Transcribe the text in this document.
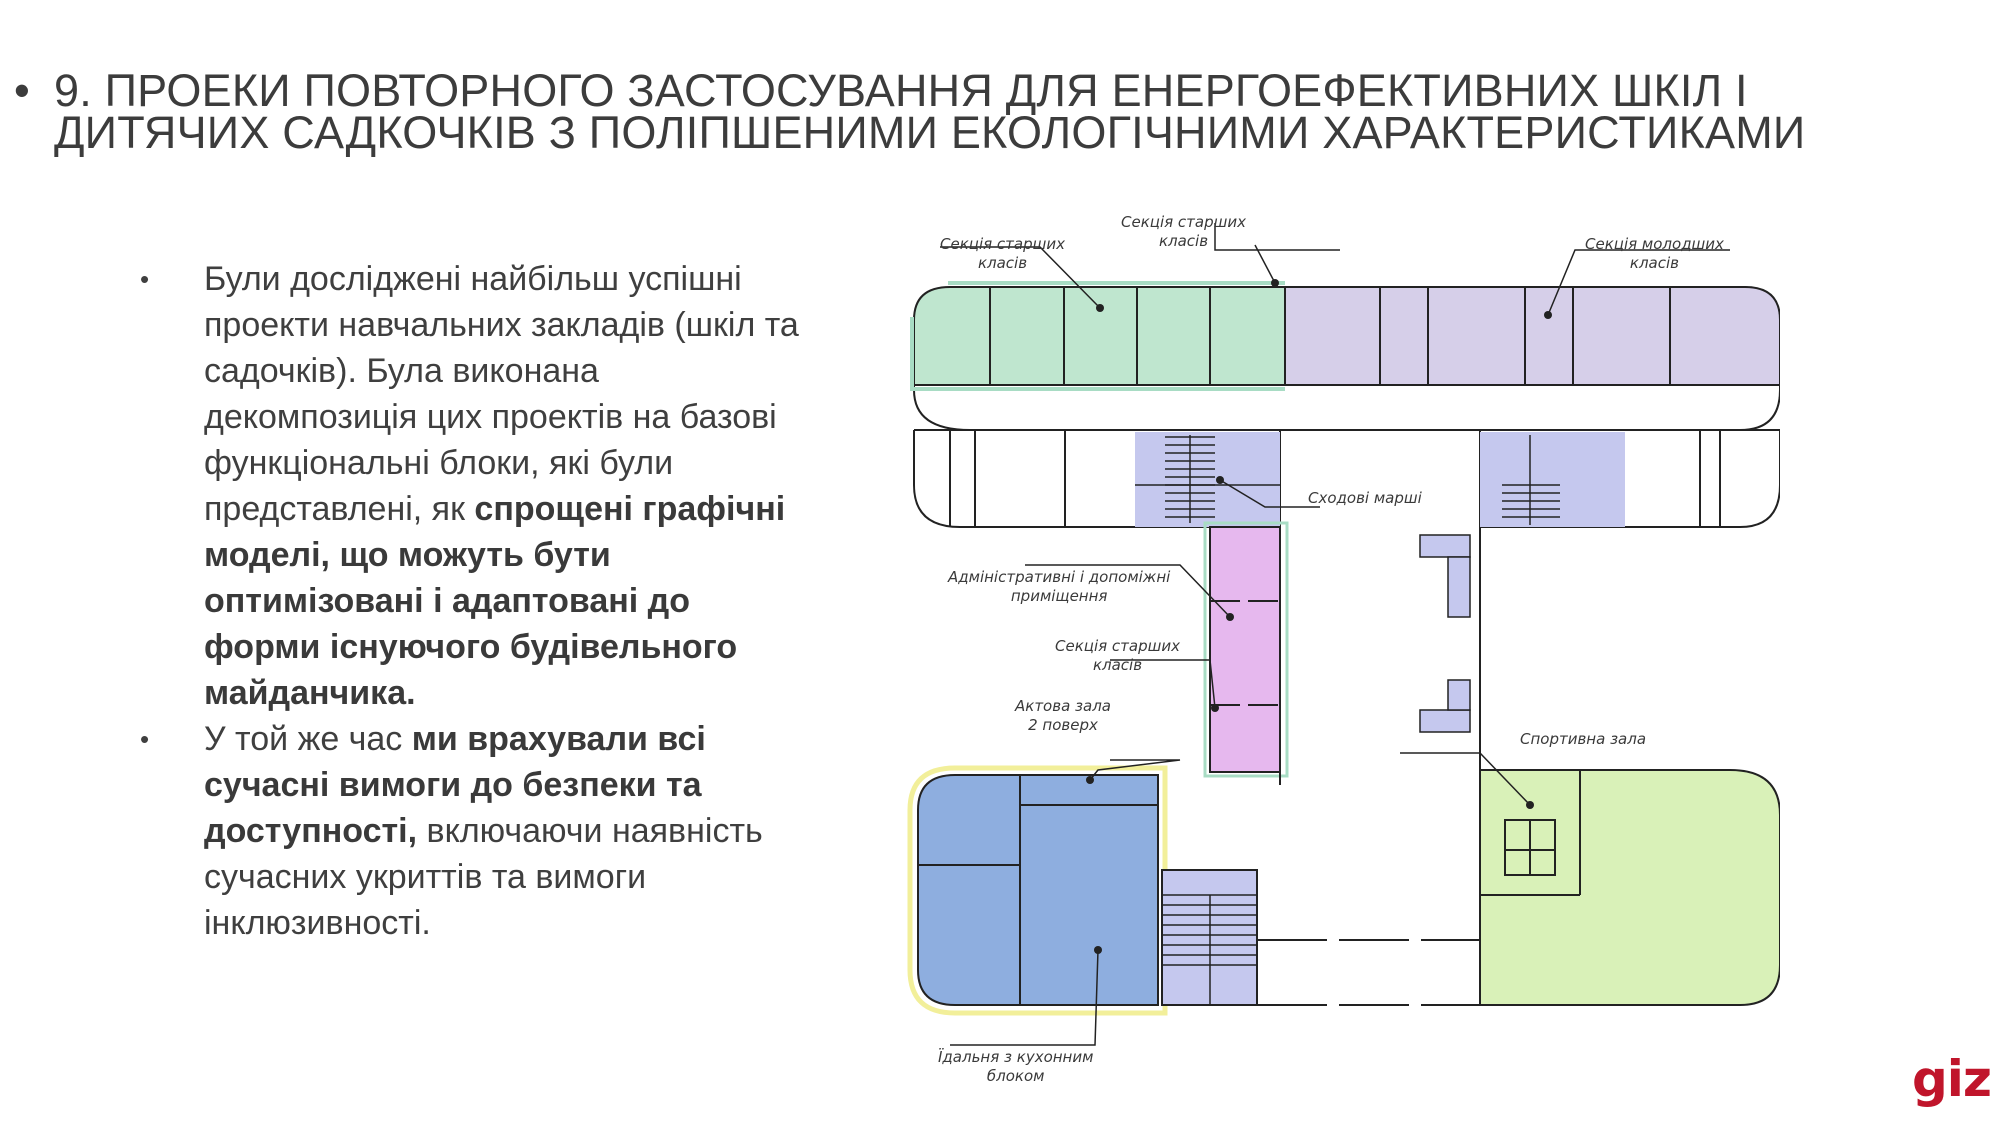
• 9. ПРОЕКИ ПОВТОРНОГО ЗАСТОСУВАННЯ ДЛЯ ЕНЕРГОЕФЕКТИВНИХ ШКІЛ І
ДИТЯЧИХ САДКОЧКІВ З ПОЛІПШЕНИМИ ЕКОЛОГІЧНИМИ ХАРАКТЕРИСТИКАМИ
•	Були досліджені найбільш успішні проекти навчальних закладів (шкіл та садочків). Була виконана декомпозиція цих проектів на базові функціональні блоки, які були представлені, як спрощені графічні моделі, що можуть бути оптимізовані і адаптовані до форми існуючого будівельного майданчика.
•	У той же час ми врахували всі сучасні вимоги до безпеки та доступності, включаючи наявність сучасних укриттів та вимоги інклюзивності.
Секція старших
класів
Секція старших
класів	Секція молодших
класів
Сходові марші
Адміністративні і допоміжні
приміщення
Секція старших
класів
Актова зала
2 поверх
Спортивна зала
Їдальня з кухонним
блоком	giz
